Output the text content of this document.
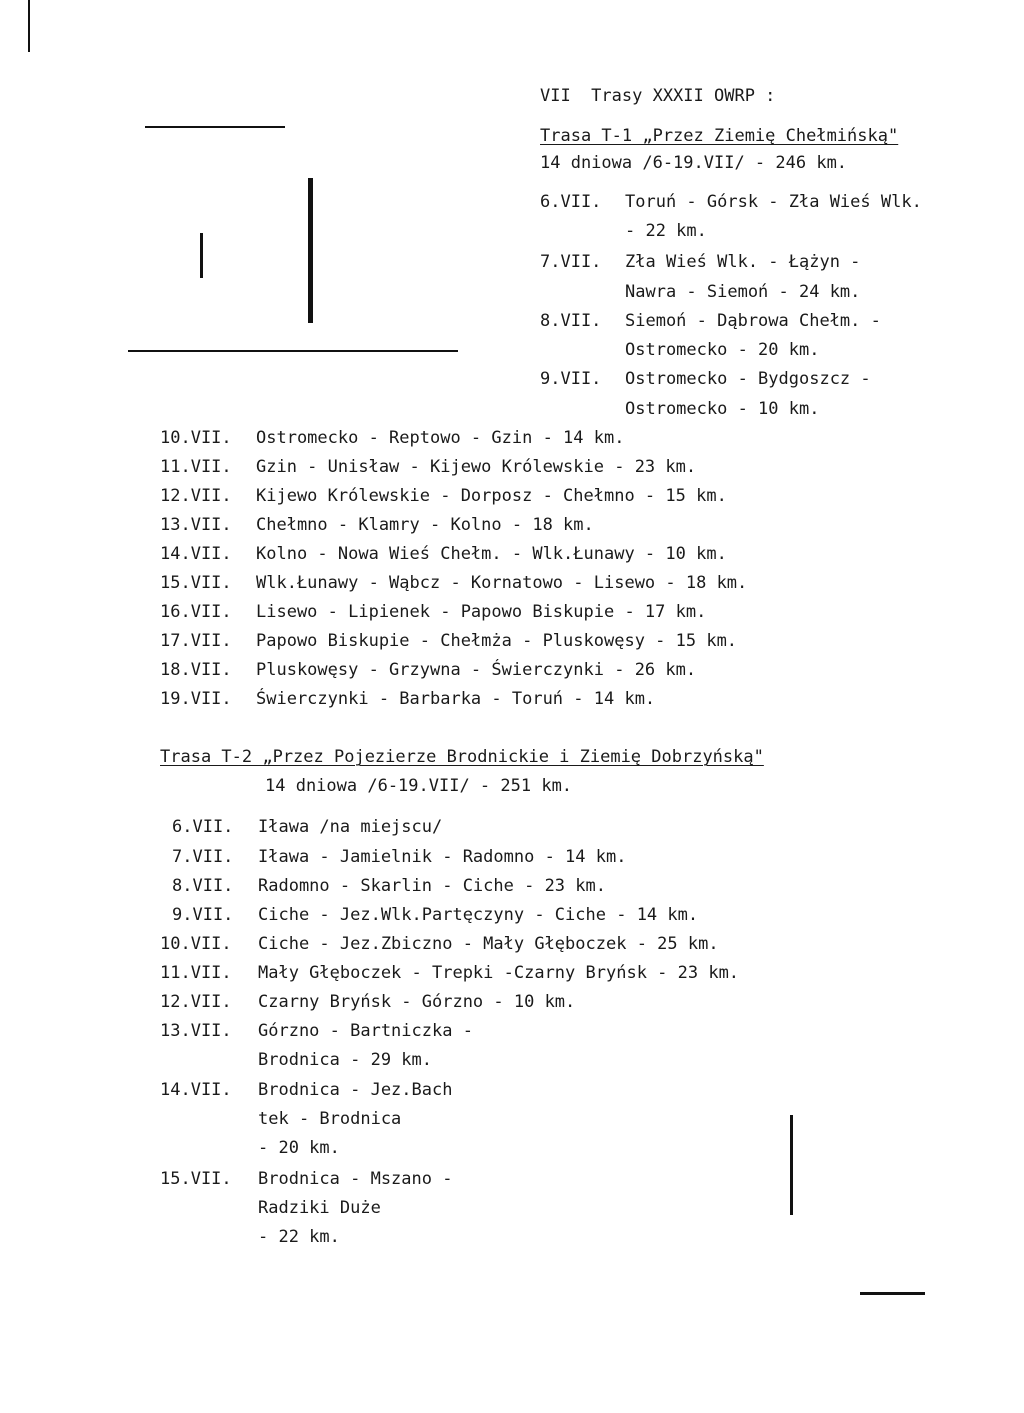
VII  Trasy XXXII OWRP :
Trasa T-1 „Przez Ziemię Chełmińską"
14 dniowa /6-19.VII/ - 246 km.
6.VII. Toruń - Górsk - Zła Wieś Wlk.
- 22 km.
7.VII. Zła Wieś Wlk. - Łążyn -
Nawra - Siemoń - 24 km.
8.VII. Siemoń - Dąbrowa Chełm. -
Ostromecko - 20 km.
9.VII. Ostromecko - Bydgoszcz -
Ostromecko - 10 km.
10.VII. Ostromecko - Reptowo - Gzin - 14 km.
11.VII. Gzin - Unisław - Kijewo Królewskie - 23 km.
12.VII. Kijewo Królewskie - Dorposz - Chełmno - 15 km.
13.VII. Chełmno - Klamry - Kolno - 18 km.
14.VII. Kolno - Nowa Wieś Chełm. - Wlk.Łunawy - 10 km.
15.VII. Wlk.Łunawy - Wąbcz - Kornatowo - Lisewo - 18 km.
16.VII. Lisewo - Lipienek - Papowo Biskupie - 17 km.
17.VII. Papowo Biskupie - Chełmża - Pluskowęsy - 15 km.
18.VII. Pluskowęsy - Grzywna - Świerczynki - 26 km.
19.VII. Świerczynki - Barbarka - Toruń - 14 km.
Trasa T-2 „Przez Pojezierze Brodnickie i Ziemię Dobrzyńską"
14 dniowa /6-19.VII/ - 251 km.
6.VII. Iława /na miejscu/
7.VII. Iława - Jamielnik - Radomno - 14 km.
8.VII. Radomno - Skarlin - Ciche - 23 km.
9.VII. Ciche - Jez.Wlk.Partęczyny - Ciche - 14 km.
10.VII. Ciche - Jez.Zbiczno - Mały Głęboczek - 25 km.
11.VII. Mały Głęboczek - Trepki -Czarny Bryńsk - 23 km.
12.VII. Czarny Bryńsk - Górzno - 10 km.
13.VII. Górzno - Bartniczka -
Brodnica - 29 km.
14.VII. Brodnica - Jez.Bach
tek - Brodnica
- 20 km.
15.VII. Brodnica - Mszano -
Radziki Duże
- 22 km.
